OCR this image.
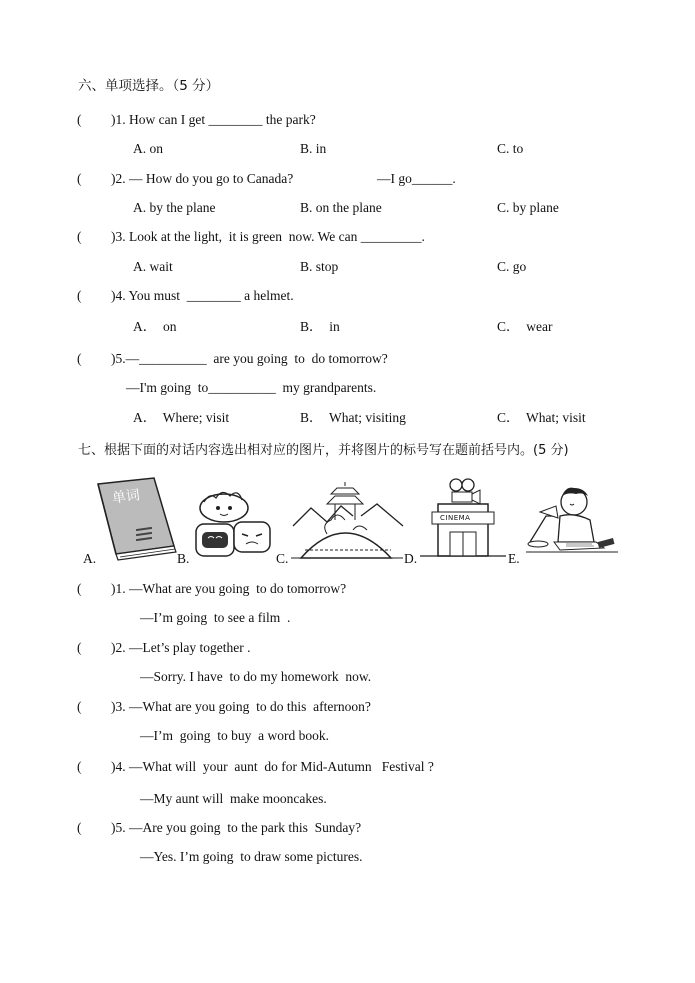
六、单项选择。（5 分）
( )1. How can I get ________ the park?
A. on	B. in	C. to
( )2. — How do you go to Canada?	—I go______.
A. by the plane	B. on the plane	C. by plane
( )3. Look at the light,  it is green  now. We can _________.
A. wait	B. stop	C. go
( )4. You must  ________ a helmet.
A．  on	B．  in	C．  wear
( )5.—__________  are you going  to  do tomorrow?
—I'm going  to__________  my grandparents.
A．  Where; visit	B．  What; visiting	C．  What; visit
七、根据下面的对话内容选出相对应的图片，并将图片的标号写在题前括号内。(5 分)
单词
A.	B.	C.
CINEMA
D.	E.
( )1. —What are you going  to do tomorrow?
—I’m going  to see a film  .
( )2. —Let’s play together .
—Sorry. I have  to do my homework  now.
( )3. —What are you going  to do this  afternoon?
—I’m  going  to buy  a word book.
( )4. —What will  your  aunt  do for Mid-Autumn   Festival ?
—My aunt will  make mooncakes.
( )5. —Are you going  to the park this  Sunday?
—Yes. I’m going  to draw some pictures.
